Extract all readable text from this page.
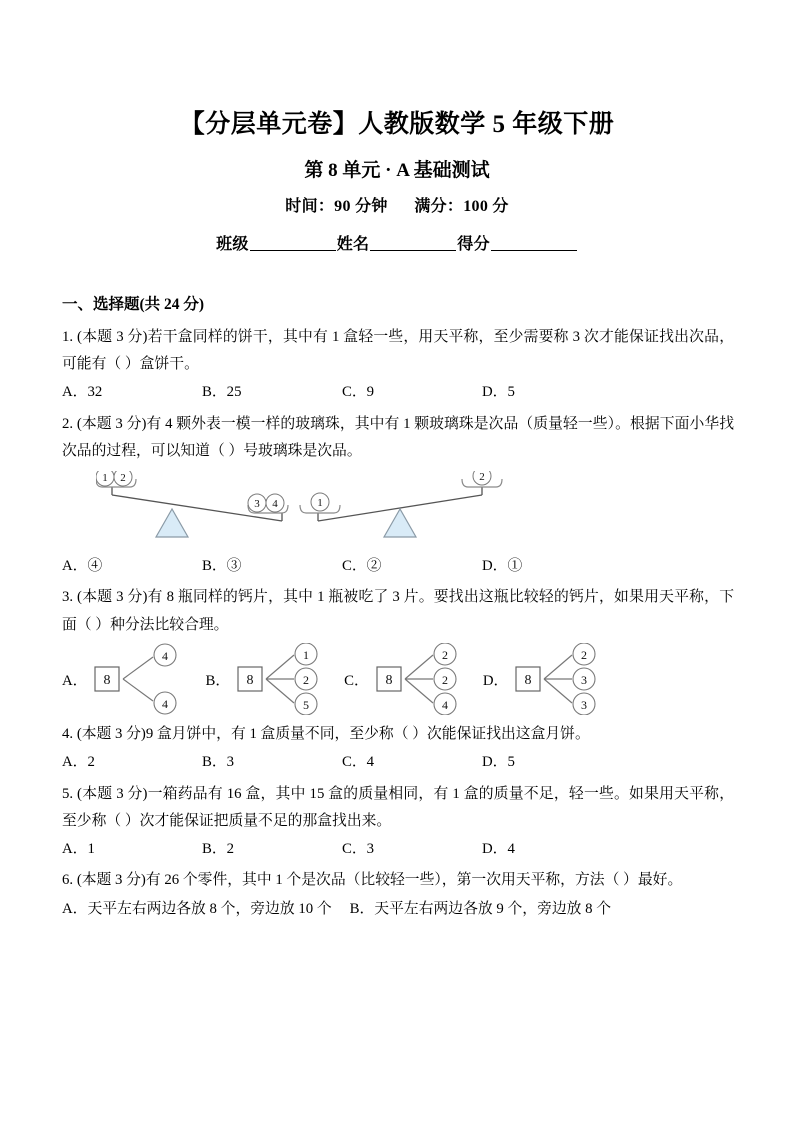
【分层单元卷】人教版数学 5 年级下册
第 8 单元 · A 基础测试
时间：90 分钟 满分：100 分
班级	姓名	得分
一、选择题(共 24 分)

1. (本题 3 分)若干盒同样的饼干，其中有 1 盒轻一些，用天平称，至少需要称 3 次才能保证找出次品，可能有（ ）盒饼干。

A．32	B．25	C．9	D．5

2. (本题 3 分)有 4 颗外表一模一样的玻璃珠，其中有 1 颗玻璃珠是次品（质量轻一些）。根据下面小华找次品的过程，可以知道（ ）号玻璃珠是次品。

1 2
3 4	1
2

A．④	B．③	C．②	D．①

3. (本题 3 分)有 8 瓶同样的钙片，其中 1 瓶被吃了 3 片。要找出这瓶比较轻的钙片，如果用天平称，下面（ ）种分法比较合理。

A． 8
4
4
B． 8
1
2
5
C． 8
2
2
4
D． 8
2
3
3

4. (本题 3 分)9 盒月饼中，有 1 盒质量不同，至少称（ ）次能保证找出这盒月饼。

A．2	B．3	C．4	D．5

5. (本题 3 分)一箱药品有 16 盒，其中 15 盒的质量相同，有 1 盒的质量不足，轻一些。如果用天平称，至少称（ ）次才能保证把质量不足的那盒找出来。

A．1	B．2	C．3	D．4

6. (本题 3 分)有 26 个零件，其中 1 个是次品（比较轻一些），第一次用天平称，方法（ ）最好。

A．天平左右两边各放 8 个，旁边放 10 个 B．天平左右两边各放 9 个，旁边放 8 个
